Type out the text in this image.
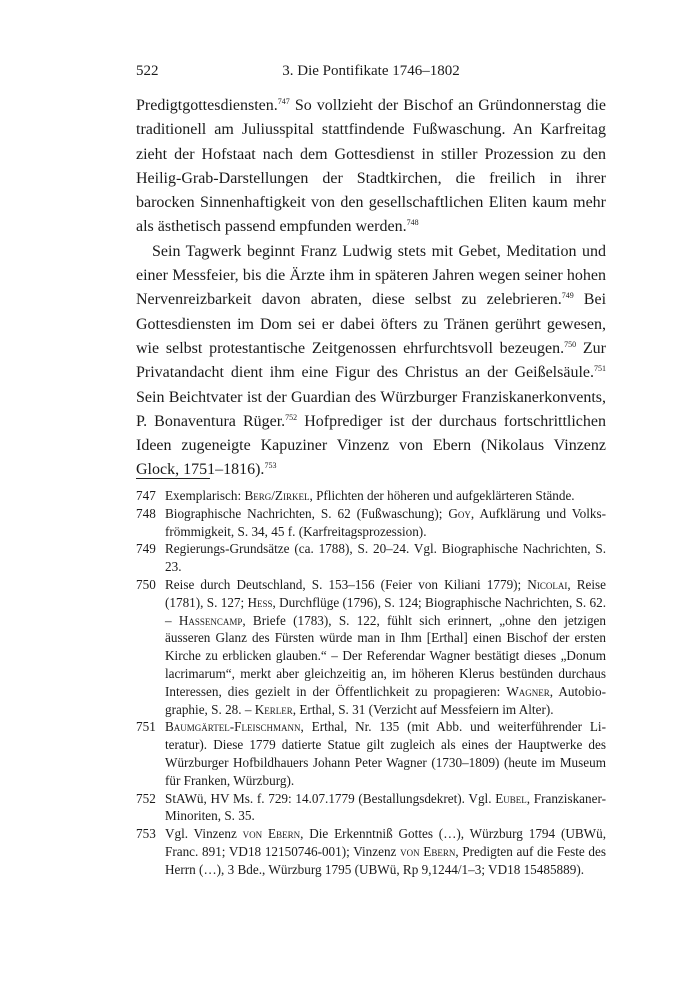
522	3. Die Pontifikate 1746–1802

Predigtgottesdiensten.$^{747}$ So vollzieht der Bischof an Gründonnerstag die traditionell am Juliusspital stattfindende Fußwaschung. An Karfreitag zieht der Hofstaat nach dem Gottesdienst in stiller Prozession zu den Heilig-Grab-Darstellungen der Stadtkirchen, die freilich in ihrer barocken Sinnenhaftigkeit von den gesellschaftlichen Eliten kaum mehr als ästhetisch passend empfunden werden.$^{748}$

Sein Tagwerk beginnt Franz Ludwig stets mit Gebet, Meditation und einer Messfeier, bis die Ärzte ihm in späteren Jahren wegen seiner hohen Nervenreizbarkeit davon abraten, diese selbst zu zelebrieren.$^{749}$ Bei Gottesdiensten im Dom sei er dabei öfters zu Tränen gerührt gewesen, wie selbst protestantische Zeitgenossen ehrfurchtsvoll bezeugen.$^{750}$ Zur Privatandacht dient ihm eine Figur des Christus an der Geißelsäule.$^{751}$ Sein Beichtvater ist der Guardian des Würzburger Franziskanerkonvents, P. Bonaventura Rüger.$^{752}$ Hofprediger ist der durchaus fortschrittlichen Ideen zugeneigte Kapuziner Vinzenz von Ebern (Nikolaus Vinzenz Glock, 1751–1816).$^{753}$

747 Exemplarisch: Berg/Zirkel, Pflichten der höheren und aufgeklärteren Stände.
748 Biographische Nachrichten, S. 62 (Fußwaschung); Goy, Aufklärung und Volksfrömmigkeit, S. 34, 45 f. (Karfreitagsprozession).
749 Regierungs-Grundsätze (ca. 1788), S. 20–24. Vgl. Biographische Nachrichten, S. 23.
750 Reise durch Deutschland, S. 153–156 (Feier von Kiliani 1779); Nicolai, Reise (1781), S. 127; Hess, Durchflüge (1796), S. 124; Biographische Nachrichten, S. 62. – Hassencamp, Briefe (1783), S. 122, fühlt sich erinnert, „ohne den jetzigen äusseren Glanz des Fürsten würde man in Ihm [Erthal] einen Bischof der ersten Kirche zu erblicken glauben.“ – Der Referendar Wagner bestätigt dieses „Donum lacrimarum“, merkt aber gleichzeitig an, im höheren Klerus bestünden durchaus Interessen, dies gezielt in der Öffentlichkeit zu propagieren: Wagner, Autobiographie, S. 28. – Kerler, Erthal, S. 31 (Verzicht auf Messfeiern im Alter).
751 Baumgärtel-Fleischmann, Erthal, Nr. 135 (mit Abb. und weiterführender Literatur). Diese 1779 datierte Statue gilt zugleich als eines der Hauptwerke des Würzburger Hofbildhauers Johann Peter Wagner (1730–1809) (heute im Museum für Franken, Würzburg).
752 StAWü, HV Ms. f. 729: 14.07.1779 (Bestallungsdekret). Vgl. Eubel, Franziskaner-Minoriten, S. 35.
753 Vgl. Vinzenz von Ebern, Die Erkenntniß Gottes (…), Würzburg 1794 (UBWü, Franc. 891; VD18 12150746-001); Vinzenz von Ebern, Predigten auf die Feste des Herrn (…), 3 Bde., Würzburg 1795 (UBWü, Rp 9,1244/1–3; VD18 15485889).
